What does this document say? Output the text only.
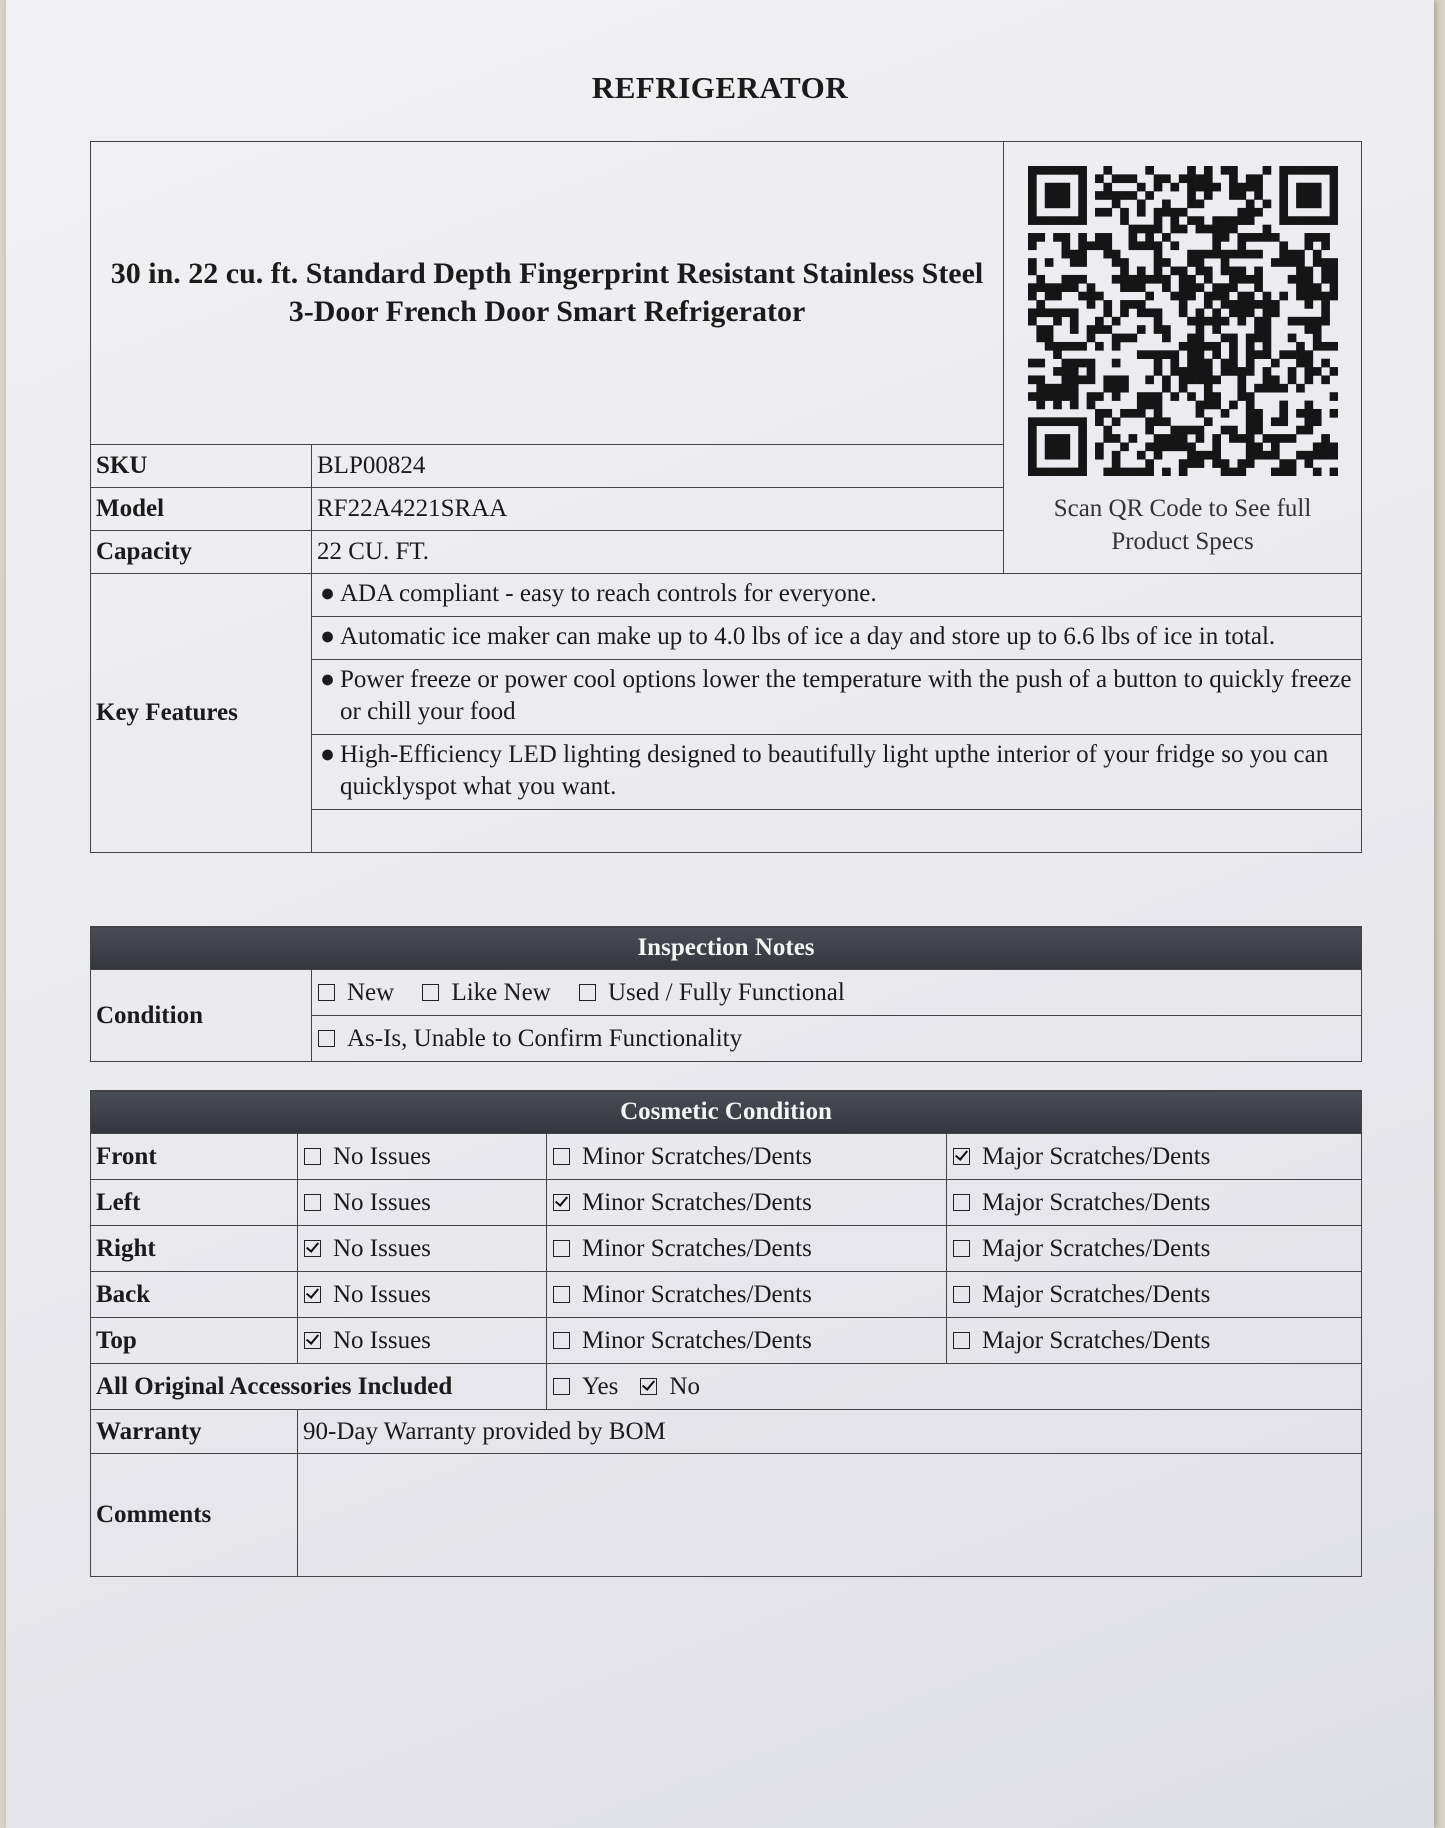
REFRIGERATOR
30 in. 22 cu. ft. Standard Depth Fingerprint Resistant Stainless Steel 3-Door French Door Smart Refrigerator		Scan QR Code to See full Product Specs

SKU	BLP00824	
Model	RF22A4221SRAA	
Capacity	22 CU. FT.	
Key Features	● ADA compliant - easy to reach controls for everyone.	

	● Automatic ice maker can make up to 4.0 lbs of ice a day and store up to 6.6 lbs of ice in total.	

	● Power freeze or power cool options lower the temperature with the push of a button to quickly freeze or chill your food	

	● High-Efficiency LED lighting designed to beautifully light upthe interior of your fridge so you can quicklyspot what you want.	

Inspection Notes
Condition	New Like New Used / Fully Functional
As-Is, Unable to Confirm Functionality
Cosmetic Condition			
Front	No Issues	Minor Scratches/Dents	Major Scratches/Dents
Left	No Issues	Minor Scratches/Dents	Major Scratches/Dents
Right	No Issues	Minor Scratches/Dents	Major Scratches/Dents
Back	No Issues	Minor Scratches/Dents	Major Scratches/Dents
Top	No Issues	Minor Scratches/Dents	Major Scratches/Dents
All Original Accessories Included		Yes No	
Warranty	90-Day Warranty provided by BOM		
Comments			
